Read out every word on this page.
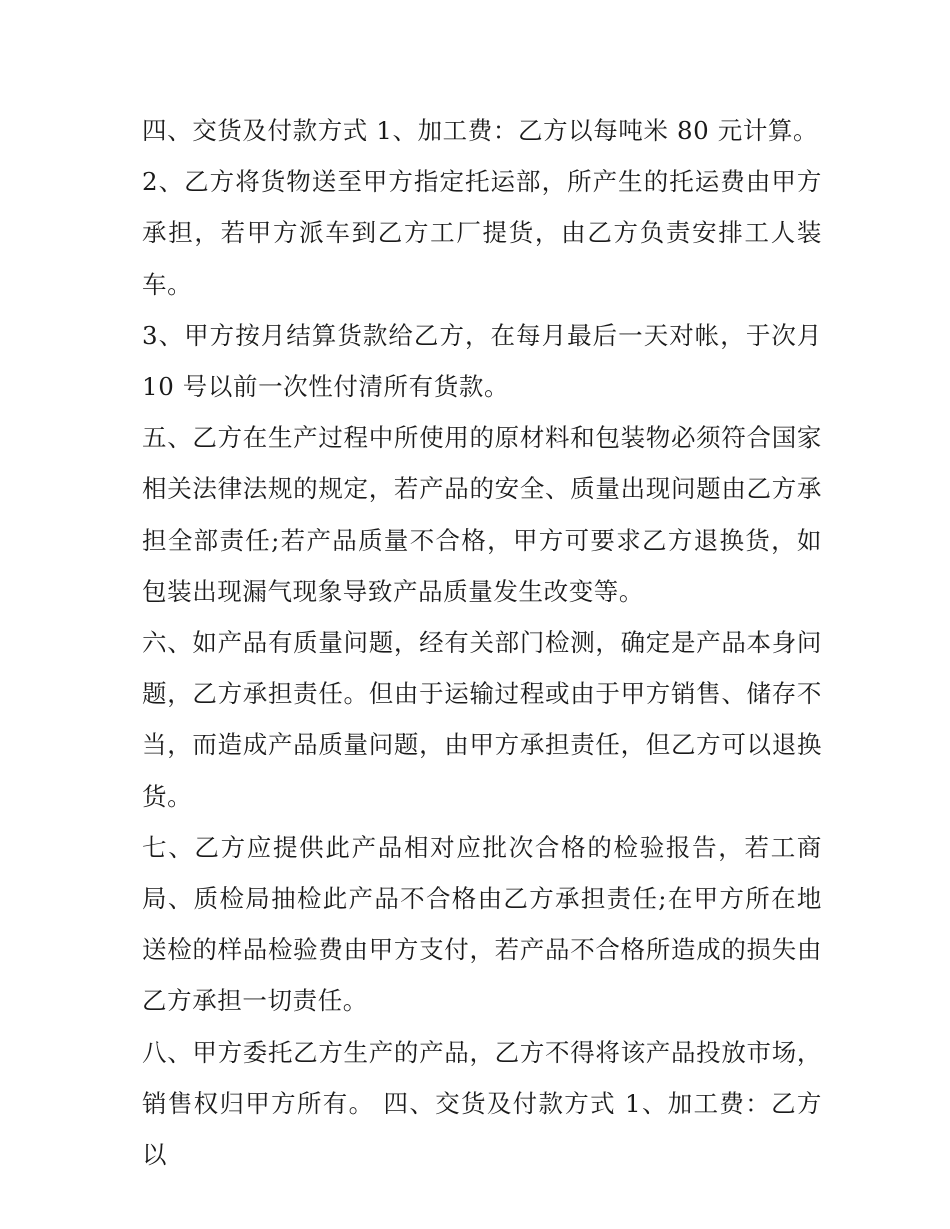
四、交货及付款方式 1、加工费：乙方以每吨米 80 元计算。

2、乙方将货物送至甲方指定托运部，所产生的托运费由甲方承担，若甲方派车到乙方工厂提货，由乙方负责安排工人装车。

3、甲方按月结算货款给乙方，在每月最后一天对帐，于次月 10 号以前一次性付清所有货款。

五、乙方在生产过程中所使用的原材料和包装物必须符合国家相关法律法规的规定，若产品的安全、质量出现问题由乙方承担全部责任;若产品质量不合格，甲方可要求乙方退换货，如包装出现漏气现象导致产品质量发生改变等。

六、如产品有质量问题，经有关部门检测，确定是产品本身问题，乙方承担责任。但由于运输过程或由于甲方销售、储存不当，而造成产品质量问题，由甲方承担责任，但乙方可以退换货。

七、乙方应提供此产品相对应批次合格的检验报告，若工商局、质检局抽检此产品不合格由乙方承担责任;在甲方所在地送检的样品检验费由甲方支付，若产品不合格所造成的损失由乙方承担一切责任。

八、甲方委托乙方生产的产品，乙方不得将该产品投放市场，销售权归甲方所有。 四、交货及付款方式 1、加工费：乙方以
